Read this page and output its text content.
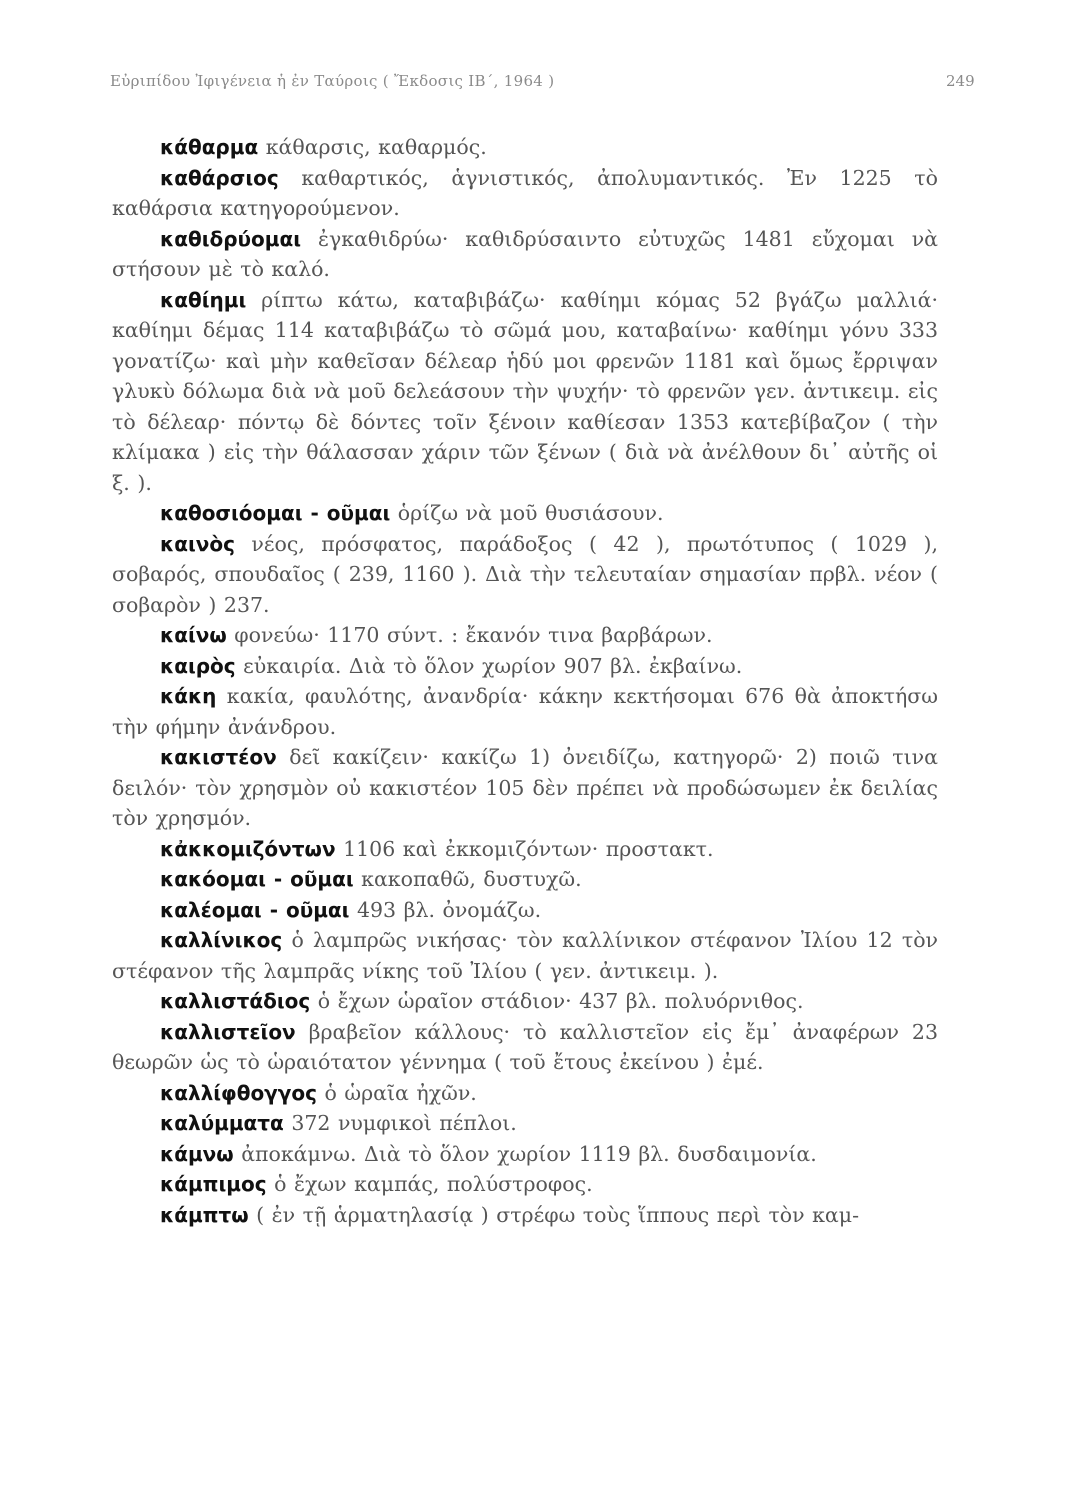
Εὐριπίδου Ἰφιγένεια ἡ ἐν Ταύροις ( Ἔκδοσις ΙΒ΄, 1964 )	249

κάθαρμα κάθαρσις, καθαρμός.

καθάρσιος καθαρτικός, ἁγνιστικός, ἀπολυμαντικός. Ἐν 1225 τὸ καθάρσια κατηγορούμενον.

καθιδρύομαι ἐγκαθιδρύω· καθιδρύσαιντο εὐτυχῶς 1481 εὔχομαι νὰ στήσουν μὲ τὸ καλό.

καθίημι ρίπτω κάτω, καταβιβάζω· καθίημι κόμας 52 βγάζω μαλλιά· καθίημι δέμας 114 καταβιβάζω τὸ σῶμά μου, καταβαίνω· καθίημι γόνυ 333 γονατίζω· καὶ μὴν καθεῖσαν δέλεαρ ἡδύ μοι φρενῶν 1181 καὶ ὅμως ἔρριψαν γλυκὺ δόλωμα διὰ νὰ μοῦ δελεάσουν τὴν ψυχήν· τὸ φρενῶν γεν. ἀντικειμ. εἰς τὸ δέλεαρ· πόντῳ δὲ δόντες τοῖν ξένοιν καθίεσαν 1353 κατεβίβαζον ( τὴν κλίμακα ) εἰς τὴν θάλασσαν χάριν τῶν ξένων ( διὰ νὰ ἀνέλθουν δι᾽ αὐτῆς οἱ ξ. ).

καθοσιόομαι - οῦμαι ὁρίζω νὰ μοῦ θυσιάσουν.

καινὸς νέος, πρόσφατος, παράδοξος ( 42 ), πρωτότυπος ( 1029 ), σοβαρός, σπουδαῖος ( 239, 1160 ). Διὰ τὴν τελευταίαν σημασίαν πρβλ. νέον ( σοβαρὸν ) 237.

καίνω φονεύω· 1170 σύντ. : ἔκανόν τινα βαρβάρων.

καιρὸς εὐκαιρία. Διὰ τὸ ὅλον χωρίον 907 βλ. ἐκβαίνω.

κάκη κακία, φαυλότης, ἀνανδρία· κάκην κεκτήσομαι 676 θὰ ἀποκτήσω τὴν φήμην ἀνάνδρου.

κακιστέον δεῖ κακίζειν· κακίζω 1) ὀνειδίζω, κατηγορῶ· 2) ποιῶ τινα δειλόν· τὸν χρησμὸν οὐ κακιστέον 105 δὲν πρέπει νὰ προδώσωμεν ἐκ δειλίας τὸν χρησμόν.

κἀκκομιζόντων 1106 καὶ ἐκκομιζόντων· προστακτ.

κακόομαι - οῦμαι κακοπαθῶ, δυστυχῶ.

καλέομαι - οῦμαι 493 βλ. ὀνομάζω.

καλλίνικος ὁ λαμπρῶς νικήσας· τὸν καλλίνικον στέφανον Ἰλίου 12 τὸν στέφανον τῆς λαμπρᾶς νίκης τοῦ Ἰλίου ( γεν. ἀντικειμ. ).

καλλιστάδιος ὁ ἔχων ὡραῖον στάδιον· 437 βλ. πολυόρνιθος.

καλλιστεῖον βραβεῖον κάλλους· τὸ καλλιστεῖον εἰς ἔμ᾽ ἀναφέρων 23 θεωρῶν ὡς τὸ ὡραιότατον γέννημα ( τοῦ ἔτους ἐκείνου ) ἐμέ.

καλλίφθογγος ὁ ὡραῖα ἠχῶν.

καλύμματα 372 νυμφικοὶ πέπλοι.

κάμνω ἀποκάμνω. Διὰ τὸ ὅλον χωρίον 1119 βλ. δυσδαιμονία.

κάμπιμος ὁ ἔχων καμπάς, πολύστροφος.

κάμπτω ( ἐν τῇ ἁρματηλασίᾳ ) στρέφω τοὺς ἵππους περὶ τὸν καμ-
